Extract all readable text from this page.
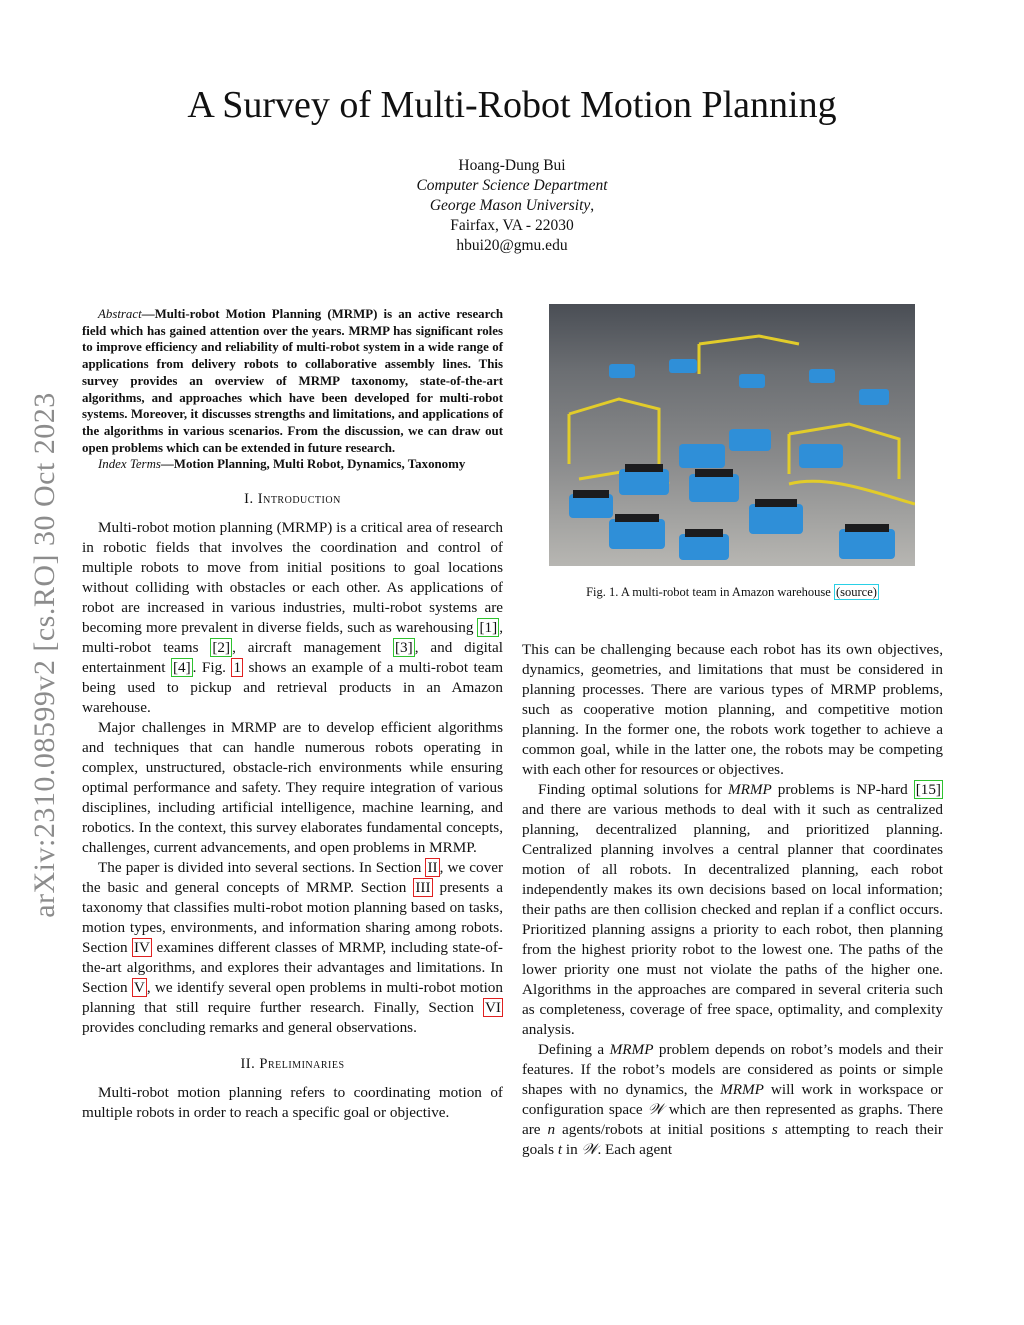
arXiv:2310.08599v2 [cs.RO] 30 Oct 2023
A Survey of Multi-Robot Motion Planning
Hoang-Dung Bui
Computer Science Department
George Mason University,
Fairfax, VA - 22030
hbui20@gmu.edu

Abstract—Multi-robot Motion Planning (MRMP) is an active research field which has gained attention over the years. MRMP has significant roles to improve efficiency and reliability of multi-robot system in a wide range of applications from delivery robots to collaborative assembly lines. This survey provides an overview of MRMP taxonomy, state-of-the-art algorithms, and approaches which have been developed for multi-robot systems. Moreover, it discusses strengths and limitations, and applications of the algorithms in various scenarios. From the discussion, we can draw out open problems which can be extended in future research.

Index Terms—Motion Planning, Multi Robot, Dynamics, Taxonomy

I. Introduction

Multi-robot motion planning (MRMP) is a critical area of research in robotic fields that involves the coordination and control of multiple robots to move from initial positions to goal locations without colliding with obstacles or each other. As applications of robot are increased in various industries, multi-robot systems are becoming more prevalent in diverse fields, such as warehousing [1] , multi-robot teams [2] , aircraft management [3] , and digital entertainment [4] . Fig. 1 shows an example of a multi-robot team being used to pickup and retrieval products in an Amazon warehouse.

Major challenges in MRMP are to develop efficient algorithms and techniques that can handle numerous robots operating in complex, unstructured, obstacle-rich environments while ensuring optimal performance and safety. They require integration of various disciplines, including artificial intelligence, machine learning, and robotics. In the context, this survey elaborates fundamental concepts, challenges, current advancements, and open problems in MRMP.

The paper is divided into several sections. In Section II , we cover the basic and general concepts of MRMP. Section III presents a taxonomy that classifies multi-robot motion planning based on tasks, motion types, environments, and information sharing among robots. Section IV examines different classes of MRMP, including state-of-the-art algorithms, and explores their advantages and limitations. In Section V , we identify several open problems in multi-robot motion planning that still require further research. Finally, Section VI provides concluding remarks and general observations.

II. Preliminaries

Multi-robot motion planning refers to coordinating motion of multiple robots in order to reach a specific goal or objective.

Fig. 1. A multi-robot team in Amazon warehouse (source)

This can be challenging because each robot has its own objectives, dynamics, geometries, and limitations that must be considered in planning processes. There are various types of MRMP problems, such as cooperative motion planning, and competitive motion planning. In the former one, the robots work together to achieve a common goal, while in the latter one, the robots may be competing with each other for resources or objectives.

Finding optimal solutions for MRMP problems is NP-hard [15] and there are various methods to deal with it such as centralized planning, decentralized planning, and prioritized planning. Centralized planning involves a central planner that coordinates motion of all robots. In decentralized planning, each robot independently makes its own decisions based on local information; their paths are then collision checked and replan if a conflict occurs. Prioritized planning assigns a priority to each robot, then planning from the highest priority robot to the lowest one. The paths of the lower priority one must not violate the paths of the higher one. Algorithms in the approaches are compared in several criteria such as completeness, coverage of free space, optimality, and complexity analysis.

Defining a MRMP problem depends on robot’s models and their features. If the robot’s models are considered as points or simple shapes with no dynamics, the MRMP will work in workspace or configuration space 𝒲 which are then represented as graphs. There are n agents/robots at initial positions s attempting to reach their goals t in 𝒲. Each agent
